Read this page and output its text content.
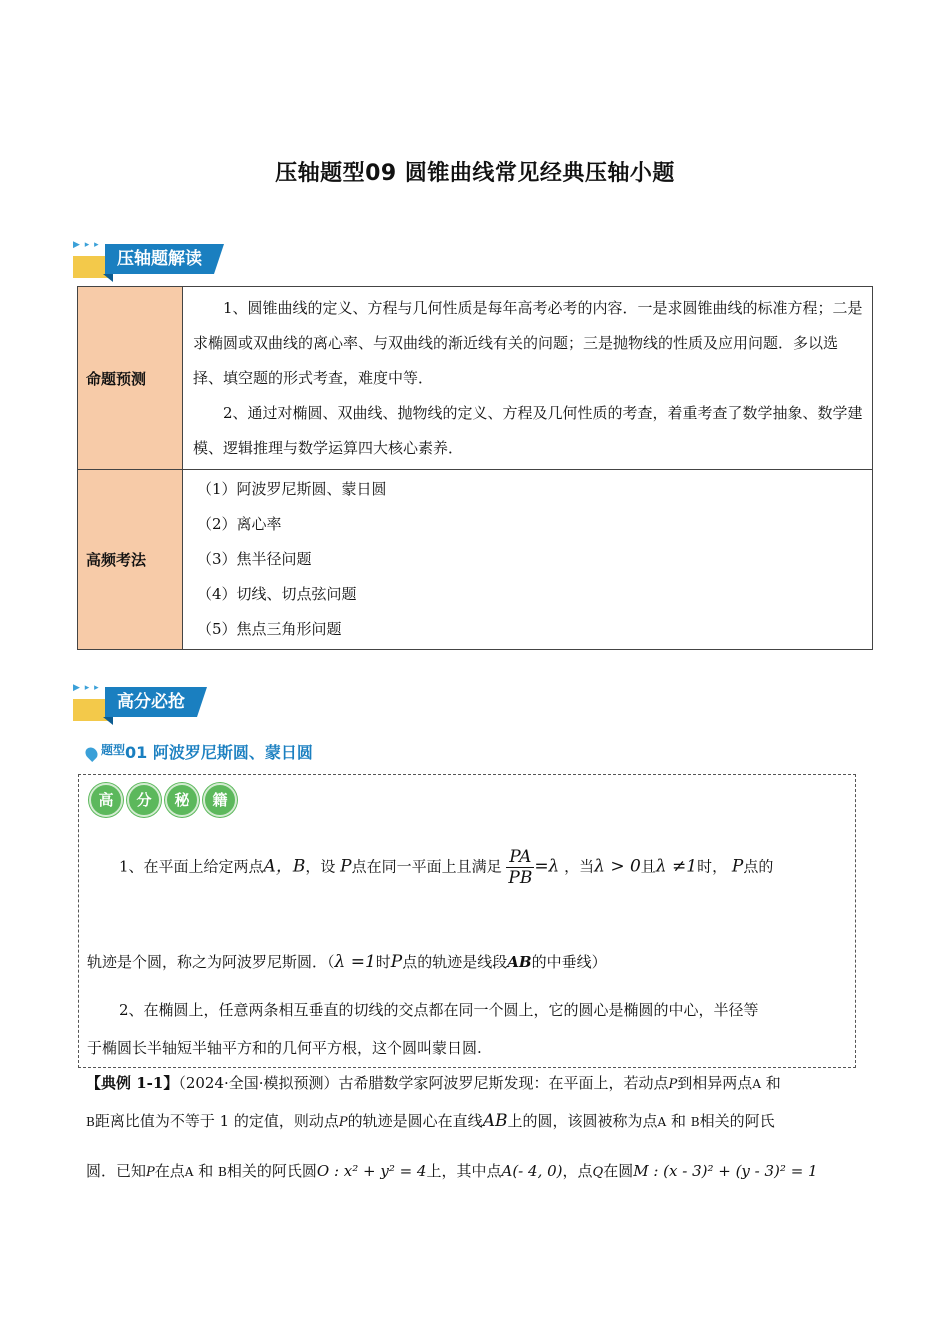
压轴题型09 圆锥曲线常见经典压轴小题
▶ ▸ ▸
压轴题解读
命题预测	1、圆锥曲线的定义、方程与几何性质是每年高考必考的内容．一是求圆锥曲线的标准方程；二是求椭圆或双曲线的离心率、与双曲线的渐近线有关的问题；三是抛物线的性质及应用问题．多以选择、填空题的形式考查，难度中等．
2、通过对椭圆、双曲线、抛物线的定义、方程及几何性质的考查，着重考查了数学抽象、数学建模、逻辑推理与数学运算四大核心素养．

高频考法	（1）阿波罗尼斯圆、蒙日圆
（2）离心率
（3）焦半径问题
（4）切线、切点弦问题
（5）焦点三角形问题
▶ ▸ ▸
高分必抢
$^{题型}$01 阿波罗尼斯圆、蒙日圆
高	分	秘	籍
1、在平面上给定两点A，B，设 P点在同一平面上且满足 $\frac{PA}{PB} =\lambda$ ，当λ > 0且λ ≠1时， P点的
轨迹是个圆，称之为阿波罗尼斯圆．（λ =1时P点的轨迹是线段AB的中垂线）
2、在椭圆上，任意两条相互垂直的切线的交点都在同一个圆上，它的圆心是椭圆的中心，半径等
于椭圆长半轴短半轴平方和的几何平方根，这个圆叫蒙日圆.
【典例 1-1】（2024·全国·模拟预测）古希腊数学家阿波罗尼斯发现：在平面上，若动点P到相异两点A 和
B距离比值为不等于 1 的定值，则动点P的轨迹是圆心在直线AB上的圆，该圆被称为点A 和 B相关的阿氏
圆．已知P在点A 和 B相关的阿氏圆O : x² + y² = 4上，其中点A(- 4, 0)，点Q在圆M : (x - 3)² + (y - 3)² = 1
